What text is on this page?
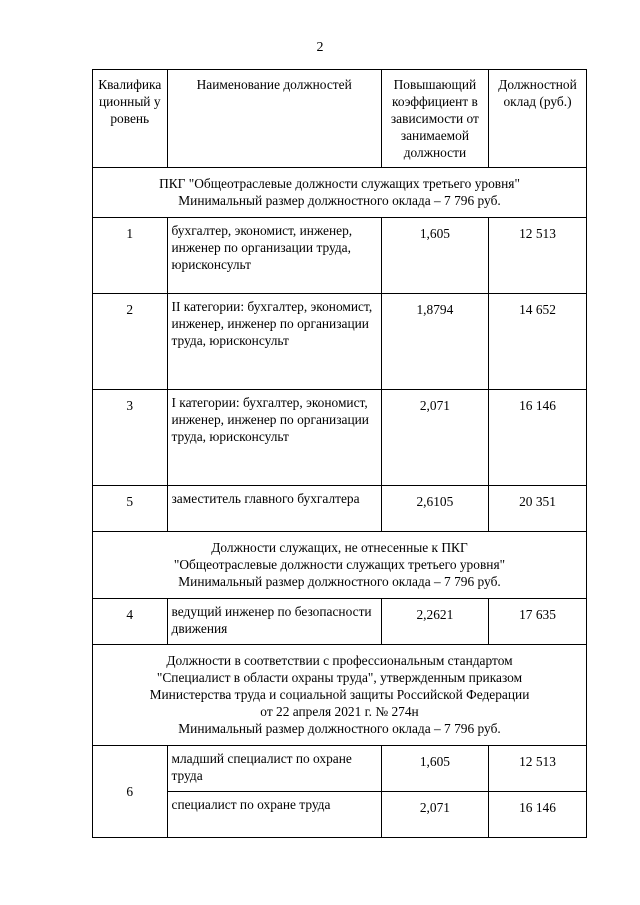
2
Квалификационный уровень	Наименование должностей	Повышающий коэффициент в зависимости от занимаемой должности	Должностной оклад (руб.)

ПКГ "Общеотраслевые должности служащих третьего уровня"
Минимальный размер должностного оклада – 7 796 руб.			

1	бухгалтер, экономист, инженер, инженер по организации труда, юрисконсульт	1,605	12 513
2	II категории: бухгалтер, экономист, инженер, инженер по организации труда, юрисконсульт	1,8794	14 652
3	I категории: бухгалтер, экономист, инженер, инженер по организации труда, юрисконсульт	2,071	16 146
5	заместитель главного бухгалтера	2,6105	20 351

Должности служащих, не отнесенные к ПКГ
"Общеотраслевые должности служащих третьего уровня"
Минимальный размер должностного оклада – 7 796 руб.			

4	ведущий инженер по безопасности движения	2,2621	17 635

Должности в соответствии с профессиональным стандартом
"Специалист в области охраны труда", утвержденным приказом
Министерства труда и социальной защиты Российской Федерации
от 22 апреля 2021 г. № 274н
Минимальный размер должностного оклада – 7 796 руб.			

6	младший специалист по охране труда	1,605	12 513
	специалист по охране труда	2,071	16 146
